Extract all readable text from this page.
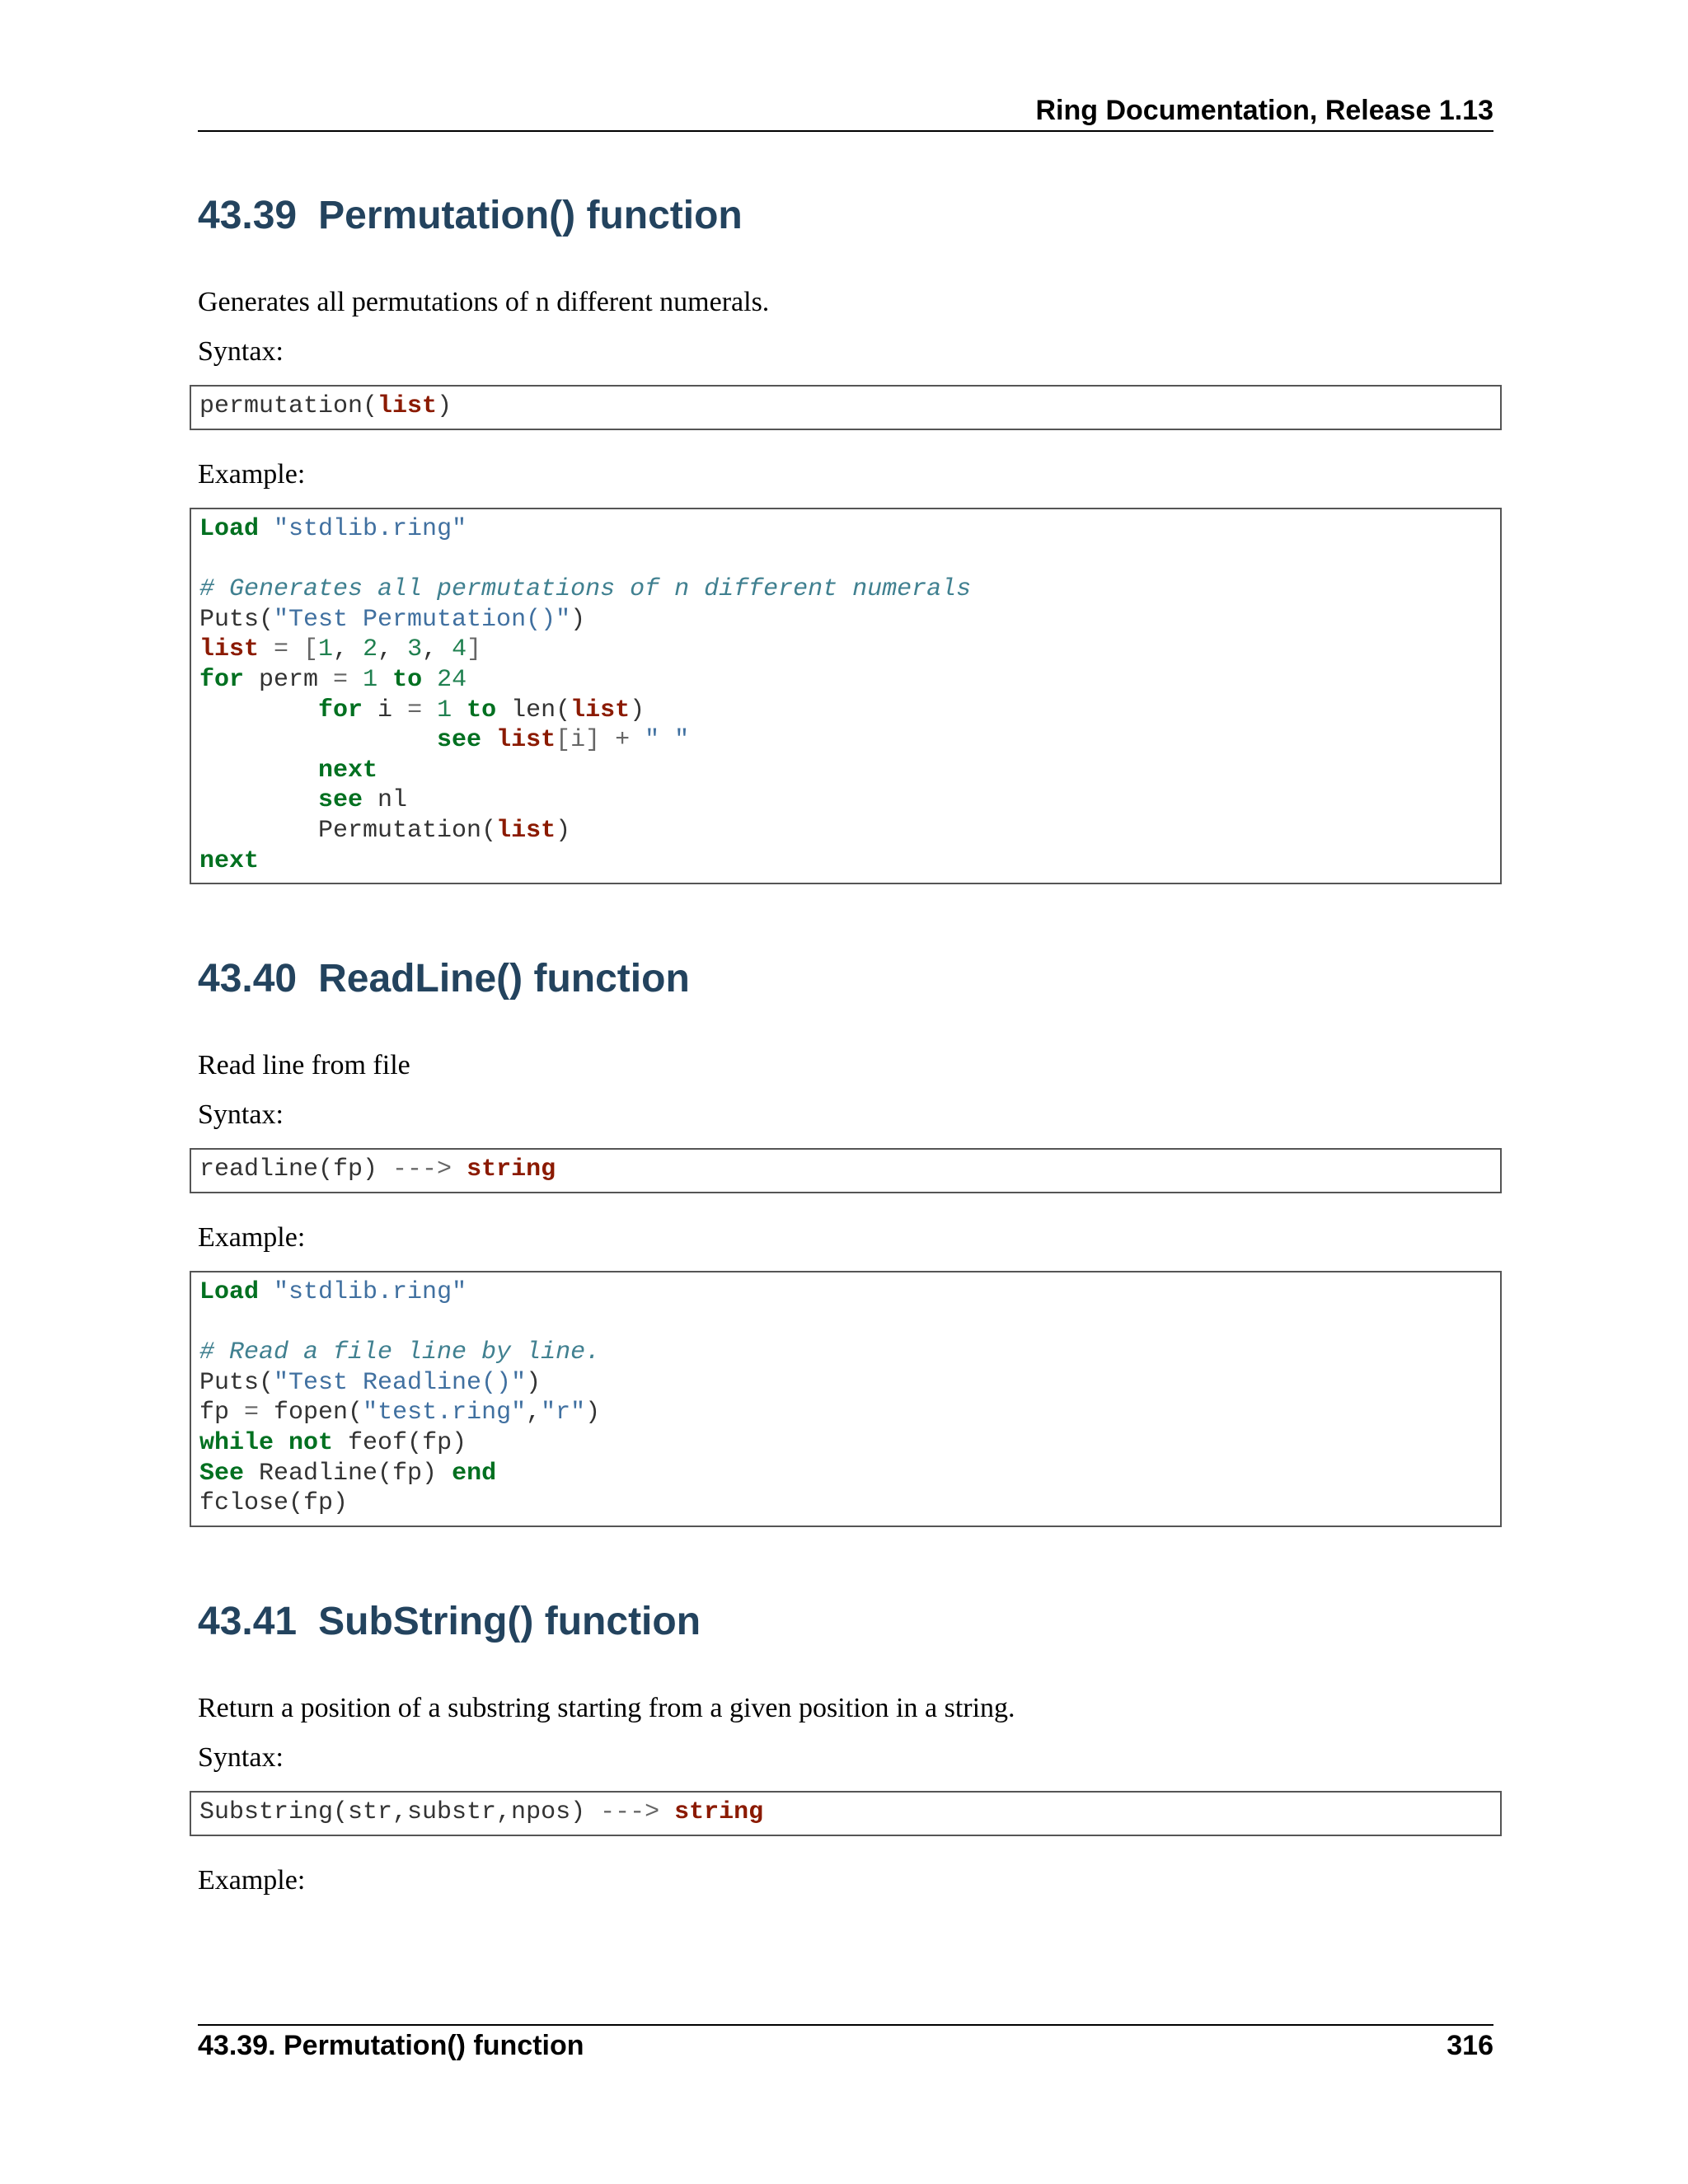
Ring Documentation, Release 1.13
43.39 Permutation() function

Generates all permutations of n different numerals.

Syntax:

permutation(list)

Example:

Load "stdlib.ring"
# Generates all permutations of n different numerals
Puts("Test Permutation()")
list = [1, 2, 3, 4]
for perm = 1 to 24
for i = 1 to len(list)
see list[i] + " "
next
see nl
Permutation(list)
next
43.40 ReadLine() function

Read line from file

Syntax:

readline(fp) ---> string

Example:

Load "stdlib.ring"
# Read a file line by line.
Puts("Test Readline()")
fp = fopen("test.ring","r")
while not feof(fp)
See Readline(fp) end
fclose(fp)
43.41 SubString() function

Return a position of a substring starting from a given position in a string.

Syntax:

Substring(str,substr,npos) ---> string

Example:

43.39. Permutation() function	316
